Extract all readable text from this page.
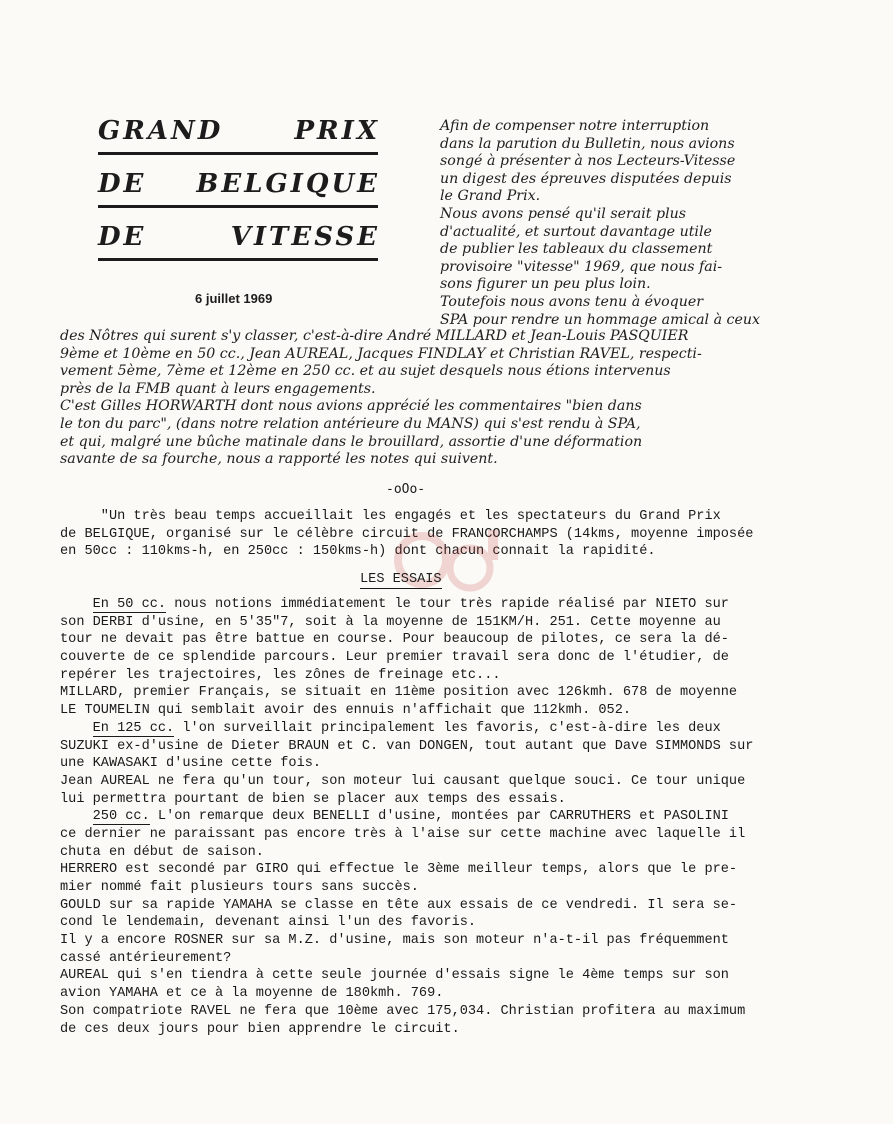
GRAND	PRIX
DE BELGIQUE
DE	VITESSE
6 juillet 1969
Afin de compenser notre interruption
dans la parution du Bulletin, nous avions
songé à présenter à nos Lecteurs-Vitesse
un digest des épreuves disputées depuis
le Grand Prix.
Nous avons pensé qu'il serait plus
d'actualité, et surtout davantage utile
de publier les tableaux du classement
provisoire "vitesse" 1969, que nous fai-
sons figurer un peu plus loin.
Toutefois nous avons tenu à évoquer
SPA pour rendre un hommage amical à ceux
des Nôtres qui surent s'y classer, c'est-à-dire André MILLARD et Jean-Louis PASQUIER
9ème et 10ème en 50 cc., Jean AUREAL, Jacques FINDLAY et Christian RAVEL, respecti-
vement 5ème, 7ème et 12ème en 250 cc. et au sujet desquels nous étions intervenus
près de la FMB quant à leurs engagements.
C'est Gilles HORWARTH dont nous avions apprécié les commentaires "bien dans
le ton du parc", (dans notre relation antérieure du MANS) qui s'est rendu à SPA,
et qui, malgré une bûche matinale dans le brouillard, assortie d'une déformation
savante de sa fourche, nous a rapporté les notes qui suivent.
-oOo-
"Un très beau temps accueillait les engagés et les spectateurs du Grand Prix
de BELGIQUE, organisé sur le célèbre circuit de FRANCORCHAMPS (14kms, moyenne imposée
en 50cc : 110kms-h, en 250cc : 150kms-h) dont chacun connait la rapidité.
LES ESSAIS
En 50 cc. nous notions immédiatement le tour très rapide réalisé par NIETO sur
son DERBI d'usine, en 5'35"7, soit à la moyenne de 151KM/H. 251. Cette moyenne au
tour ne devait pas être battue en course. Pour beaucoup de pilotes, ce sera la dé-
couverte de ce splendide parcours. Leur premier travail sera donc de l'étudier, de
repérer les trajectoires, les zônes de freinage etc...
MILLARD, premier Français, se situait en 11ème position avec 126kmh. 678 de moyenne
LE TOUMELIN qui semblait avoir des ennuis n'affichait que 112kmh. 052.
En 125 cc. l'on surveillait principalement les favoris, c'est-à-dire les deux
SUZUKI ex-d'usine de Dieter BRAUN et C. van DONGEN, tout autant que Dave SIMMONDS sur
une KAWASAKI d'usine cette fois.
Jean AUREAL ne fera qu'un tour, son moteur lui causant quelque souci. Ce tour unique
lui permettra pourtant de bien se placer aux temps des essais.
250 cc. L'on remarque deux BENELLI d'usine, montées par CARRUTHERS et PASOLINI
ce dernier ne paraissant pas encore très à l'aise sur cette machine avec laquelle il
chuta en début de saison.
HERRERO est secondé par GIRO qui effectue le 3ème meilleur temps, alors que le pre-
mier nommé fait plusieurs tours sans succès.
GOULD sur sa rapide YAMAHA se classe en tête aux essais de ce vendredi. Il sera se-
cond le lendemain, devenant ainsi l'un des favoris.
Il y a encore ROSNER sur sa M.Z. d'usine, mais son moteur n'a-t-il pas fréquemment
cassé antérieurement?
AUREAL qui s'en tiendra à cette seule journée d'essais signe le 4ème temps sur son
avion YAMAHA et ce à la moyenne de 180kmh. 769.
Son compatriote RAVEL ne fera que 10ème avec 175,034. Christian profitera au maximum
de ces deux jours pour bien apprendre le circuit.
